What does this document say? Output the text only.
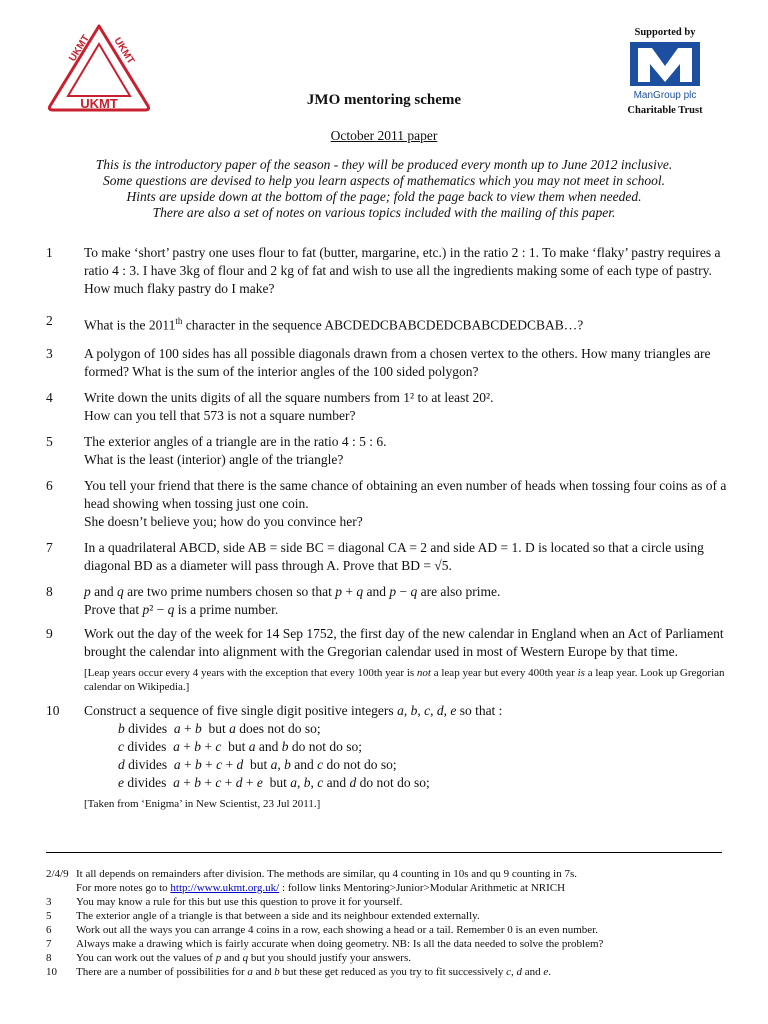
UKMT UKMT
UKMT
Supported by
ManGroup plc
Charitable Trust
JMO mentoring scheme
October 2011 paper
This is the introductory paper of the season - they will be produced every month up to June 2012 inclusive.
Some questions are devised to help you learn aspects of mathematics which you may not meet in school.
Hints are upside down at the bottom of the page; fold the page back to view them when needed.
There are also a set of notes on various topics included with the mailing of this paper.
1	To make ‘short’ pastry one uses flour to fat (butter, margarine, etc.) in the ratio 2 : 1. To make ‘flaky’ pastry requires a ratio 4 : 3. I have 3kg of flour and 2 kg of fat and wish to use all the ingredients making some of each type of pastry. How much flaky pastry do I make?
2	What is the 2011th character in the sequence ABCDEDCBABCDEDCBABCDEDCBAB…?
3	A polygon of 100 sides has all possible diagonals drawn from a chosen vertex to the others. How many triangles are formed? What is the sum of the interior angles of the 100 sided polygon?
4	Write down the units digits of all the square numbers from 1² to at least 20².
How can you tell that 573 is not a square number?
5	The exterior angles of a triangle are in the ratio 4 : 5 : 6.
What is the least (interior) angle of the triangle?
6	You tell your friend that there is the same chance of obtaining an even number of heads when tossing four coins as of a head showing when tossing just one coin.
She doesn’t believe you; how do you convince her?
7	In a quadrilateral ABCD, side AB = side BC = diagonal CA = 2 and side AD = 1. D is located so that a circle using diagonal BD as a diameter will pass through A. Prove that BD = √5.
8	p and q are two prime numbers chosen so that p + q and p − q are also prime.
Prove that p² − q is a prime number.
9	Work out the day of the week for 14 Sep 1752, the first day of the new calendar in England when an Act of Parliament brought the calendar into alignment with the Gregorian calendar used in most of Western Europe by that time.
[Leap years occur every 4 years with the exception that every 100th year is not a leap year but every 400th year is a leap year. Look up Gregorian calendar on Wikipedia.]
10	Construct a sequence of five single digit positive integers a, b, c, d, e so that :
b divides  a + b  but a does not do so;
c divides  a + b + c  but a and b do not do so;
d divides  a + b + c + d  but a, b and c do not do so;
e divides  a + b + c + d + e  but a, b, c and d do not do so;
[Taken from ‘Enigma’ in New Scientist, 23 Jul 2011.]
2/4/9 It all depends on remainders after division. The methods are similar, qu 4 counting in 10s and qu 9 counting in 7s.
For more notes go to http://www.ukmt.org.uk/ : follow links Mentoring>Junior>Modular Arithmetic at NRICH
3	You may know a rule for this but use this question to prove it for yourself.
5	The exterior angle of a triangle is that between a side and its neighbour extended externally.
6	Work out all the ways you can arrange 4 coins in a row, each showing a head or a tail. Remember 0 is an even number.
7	Always make a drawing which is fairly accurate when doing geometry. NB: Is all the data needed to solve the problem?
8	You can work out the values of p and q but you should justify your answers.
10	There are a number of possibilities for a and b but these get reduced as you try to fit successively c, d and e.
